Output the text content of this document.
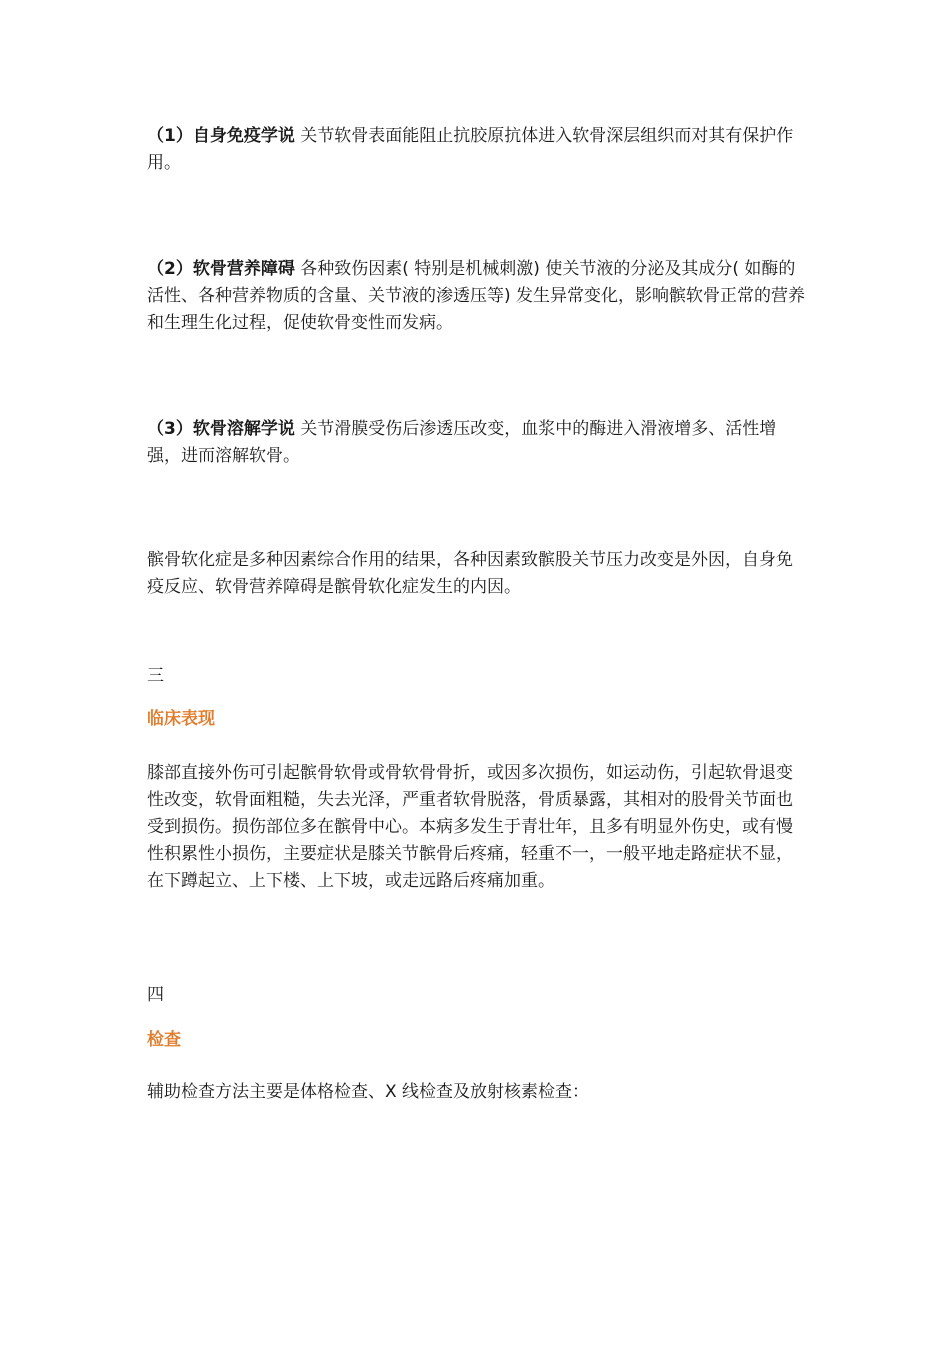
（1）自身免疫学说 关节软骨表面能阻止抗胶原抗体进入软骨深层组织而对其有保护作用。

（2）软骨营养障碍 各种致伤因素( 特别是机械刺激) 使关节液的分泌及其成分( 如酶的活性、各种营养物质的含量、关节液的渗透压等) 发生异常变化，影响髌软骨正常的营养和生理生化过程，促使软骨变性而发病。

（3）软骨溶解学说 关节滑膜受伤后渗透压改变，血浆中的酶进入滑液增多、活性增强，进而溶解软骨。

髌骨软化症是多种因素综合作用的结果，各种因素致髌股关节压力改变是外因，自身免疫反应、软骨营养障碍是髌骨软化症发生的内因。

三

临床表现

膝部直接外伤可引起髌骨软骨或骨软骨骨折，或因多次损伤，如运动伤，引起软骨退变性改变，软骨面粗糙，失去光泽，严重者软骨脱落，骨质暴露，其相对的股骨关节面也受到损伤。损伤部位多在髌骨中心。本病多发生于青壮年，且多有明显外伤史，或有慢性积累性小损伤，主要症状是膝关节髌骨后疼痛，轻重不一，一般平地走路症状不显，在下蹲起立、上下楼、上下坡，或走远路后疼痛加重。

四

检查

辅助检查方法主要是体格检查、X 线检查及放射核素检查：
